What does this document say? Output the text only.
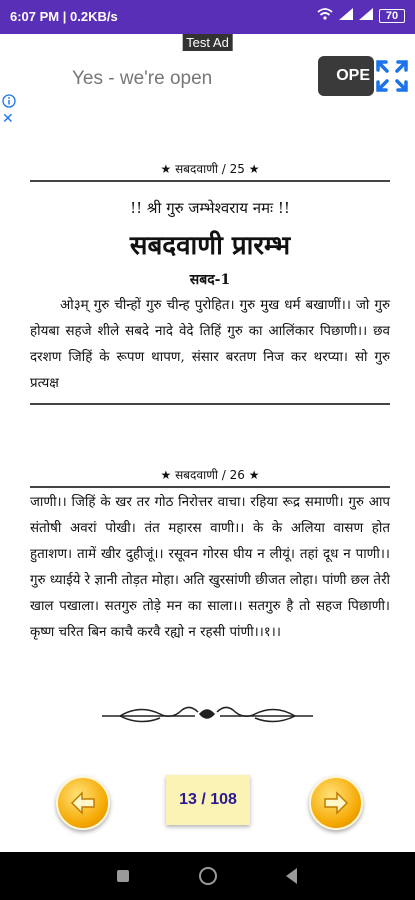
6:07 PM | 0.2KB/s	70
Test Ad
Yes - we're open	OPE
✕
★ सबदवाणी / 25 ★
!! श्री गुरु जम्भेश्वराय नमः !!
सबदवाणी प्रारम्भ
सबद-1
ओ३म् गुरु चीन्हों गुरु चीन्ह पुरोहित। गुरु मुख धर्म बखाणीं।। जो गुरु होयबा सहजे शीले सबदे नादे वेदे तिहिं गुरु का आलिंकार पिछाणी।। छव दरशण जिहिं के रूपण थापण, संसार बरतण निज कर थरप्या। सो गुरु प्रत्यक्ष
★ सबदवाणी / 26 ★
जाणी।। जिहिं के खर तर गोठ निरोत्तर वाचा। रहिया रूद्र समाणी। गुरु आप संतोषी अवरां पोखी। तंत महारस वाणी।। के के अलिया वासण होत हुताशण। तामें खीर दुहीजूं।। रसूवन गोरस घीय न लीयूं। तहां दूध न पाणी।। गुरु ध्याईये रे ज्ञानी तोड़त मोहा। अति खुरसांणी छीजत लोहा। पांणी छल तेरी खाल पखाला। सतगुरु तोड़े मन का साला।। सतगुरु है तो सहज पिछाणी। कृष्ण चरित बिन काचै करवै रह्यो न रहसी पांणी।।१।।
13 / 108
